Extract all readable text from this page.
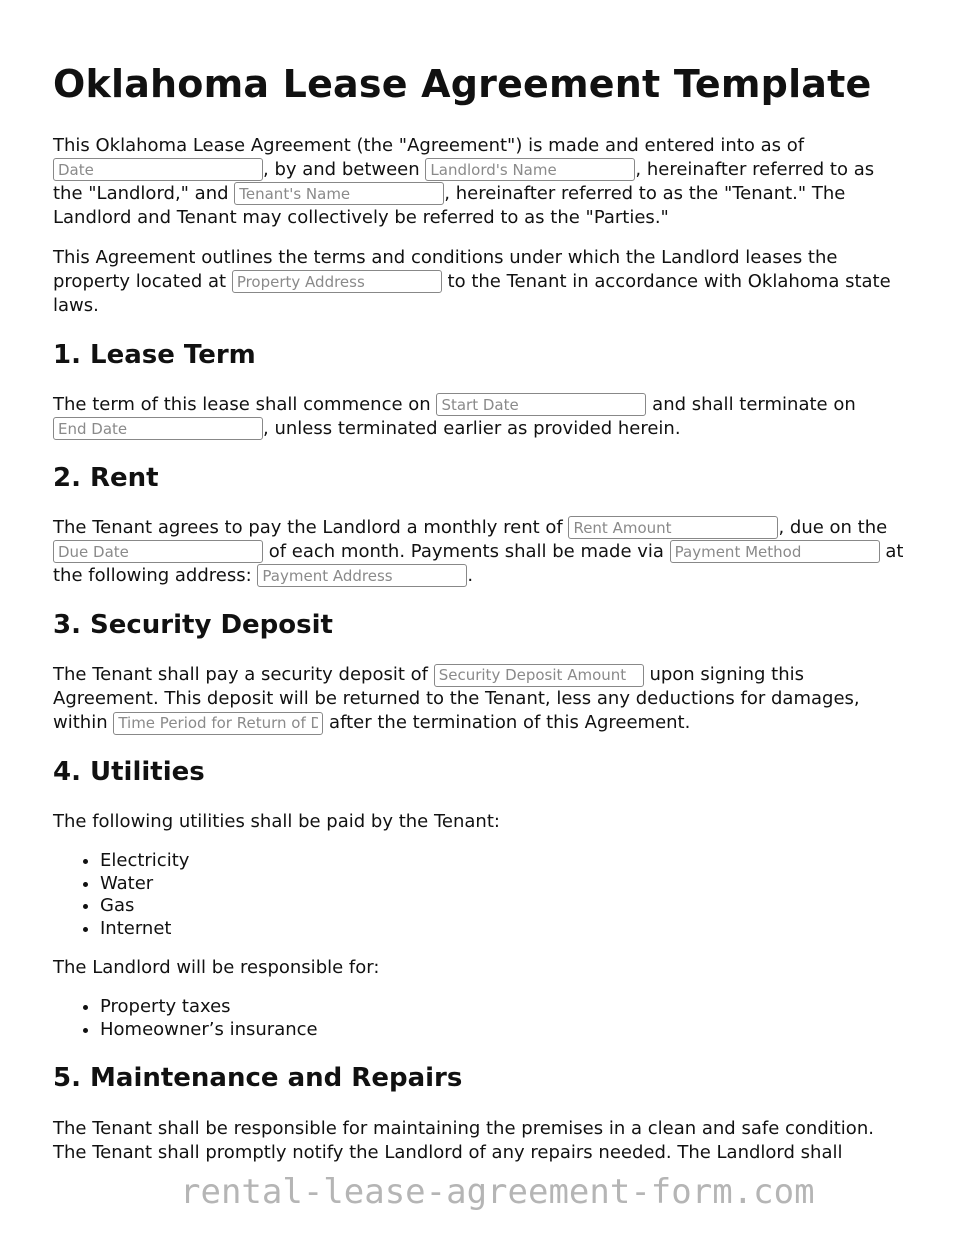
Oklahoma Lease Agreement Template

This Oklahoma Lease Agreement (the "Agreement") is made and entered into as of Date, by and between Landlord's Name	, hereinafter referred to as the "Landlord," and Tenant's Name	, hereinafter referred to as the "Tenant." The Landlord and Tenant may collectively be referred to as the "Parties."

This Agreement outlines the terms and conditions under which the Landlord leases the property located at Property Address	to the Tenant in accordance with Oklahoma state laws.

1. Lease Term

The term of this lease shall commence on Start Date	and shall terminate on End Date, unless terminated earlier as provided herein.

2. Rent

The Tenant agrees to pay the Landlord a monthly rent of Rent Amount	, due on the Due Date of each month. Payments shall be made via Payment Method	at the following address: Payment Address	.

3. Security Deposit

The Tenant shall pay a security deposit of Security Deposit Amount	upon signing this Agreement. This deposit will be returned to the Tenant, less any deductions for damages, within Time Period for Return of Deposit	after the termination of this Agreement.

4. Utilities

The following utilities shall be paid by the Tenant:

• Electricity
• Water
• Gas
• Internet

The Landlord will be responsible for:

• Property taxes
• Homeowner’s insurance
5. Maintenance and Repairs

The Tenant shall be responsible for maintaining the premises in a clean and safe condition. The Tenant shall promptly notify the Landlord of any repairs needed. The Landlord shall

rental-lease-agreement-form.com
